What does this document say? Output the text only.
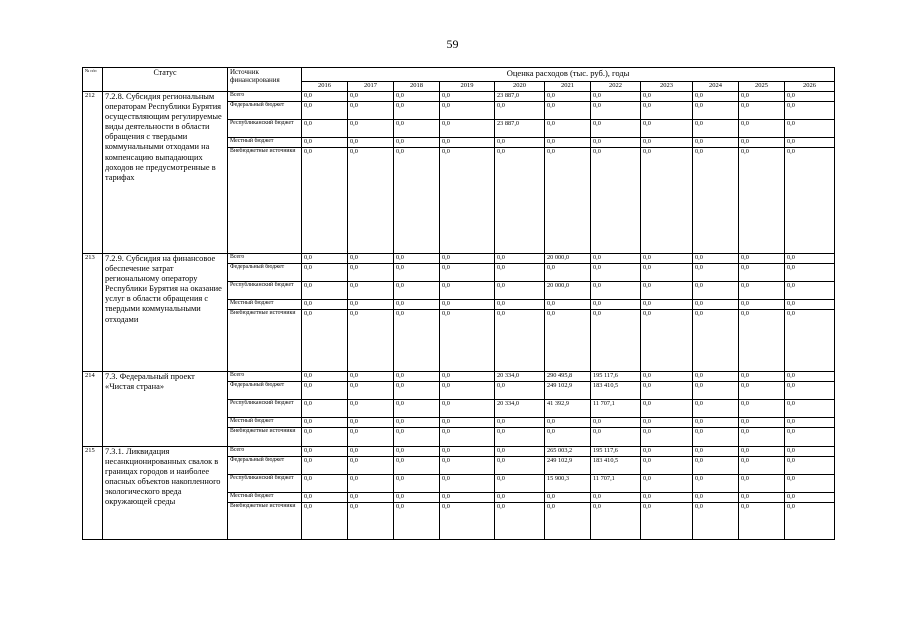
59
№ п/п	Статус	Источник финансирования	Оценка расходов (тыс. руб.), годы										
			2016	2017	2018	2019	2020	2021	2022	2023	2024	2025	2026
212	7.2.8. Субсидия региональным операторам Республики Бурятия осуществляющим регулируемые виды деятельности в области обращения с твердыми коммунальными отходами на компенсацию выпадающих доходов не предусмотренные в тарифах	Всего	0,0	0,0	0,0	0,0	23 887,0	0,0	0,0	0,0	0,0	0,0	0,0
		Федеральный бюджет	0,0	0,0	0,0	0,0	0,0	0,0	0,0	0,0	0,0	0,0	0,0
		Республиканский бюджет	0,0	0,0	0,0	0,0	23 887,0	0,0	0,0	0,0	0,0	0,0	0,0
		Местный бюджет	0,0	0,0	0,0	0,0	0,0	0,0	0,0	0,0	0,0	0,0	0,0
		Внебюджетные источники	0,0	0,0	0,0	0,0	0,0	0,0	0,0	0,0	0,0	0,0	0,0
213	7.2.9. Субсидия на финансовое обеспечение затрат региональному оператору Республики Бурятия на оказание услуг в области обращения с твердыми коммунальными отходами	Всего	0,0	0,0	0,0	0,0	0,0	20 000,0	0,0	0,0	0,0	0,0	0,0
		Федеральный бюджет	0,0	0,0	0,0	0,0	0,0	0,0	0,0	0,0	0,0	0,0	0,0
		Республиканский бюджет	0,0	0,0	0,0	0,0	0,0	20 000,0	0,0	0,0	0,0	0,0	0,0
		Местный бюджет	0,0	0,0	0,0	0,0	0,0	0,0	0,0	0,0	0,0	0,0	0,0
		Внебюджетные источники	0,0	0,0	0,0	0,0	0,0	0,0	0,0	0,0	0,0	0,0	0,0
214	7.3. Федеральный проект «Чистая страна»	Всего	0,0	0,0	0,0	0,0	20 334,0	290 495,8	195 117,6	0,0	0,0	0,0	0,0
		Федеральный бюджет	0,0	0,0	0,0	0,0	0,0	249 102,9	183 410,5	0,0	0,0	0,0	0,0
		Республиканский бюджет	0,0	0,0	0,0	0,0	20 334,0	41 392,9	11 707,1	0,0	0,0	0,0	0,0
		Местный бюджет	0,0	0,0	0,0	0,0	0,0	0,0	0,0	0,0	0,0	0,0	0,0
		Внебюджетные источники	0,0	0,0	0,0	0,0	0,0	0,0	0,0	0,0	0,0	0,0	0,0
215	7.3.1. Ликвидация несанкционированных свалок в границах городов и наиболее опасных объектов накопленного экологического вреда окружающей среды	Всего	0,0	0,0	0,0	0,0	0,0	265 003,2	195 117,6	0,0	0,0	0,0	0,0
		Федеральный бюджет	0,0	0,0	0,0	0,0	0,0	249 102,9	183 410,5	0,0	0,0	0,0	0,0
		Республиканский бюджет	0,0	0,0	0,0	0,0	0,0	15 900,3	11 707,1	0,0	0,0	0,0	0,0
		Местный бюджет	0,0	0,0	0,0	0,0	0,0	0,0	0,0	0,0	0,0	0,0	0,0
		Внебюджетные источники	0,0	0,0	0,0	0,0	0,0	0,0	0,0	0,0	0,0	0,0	0,0
